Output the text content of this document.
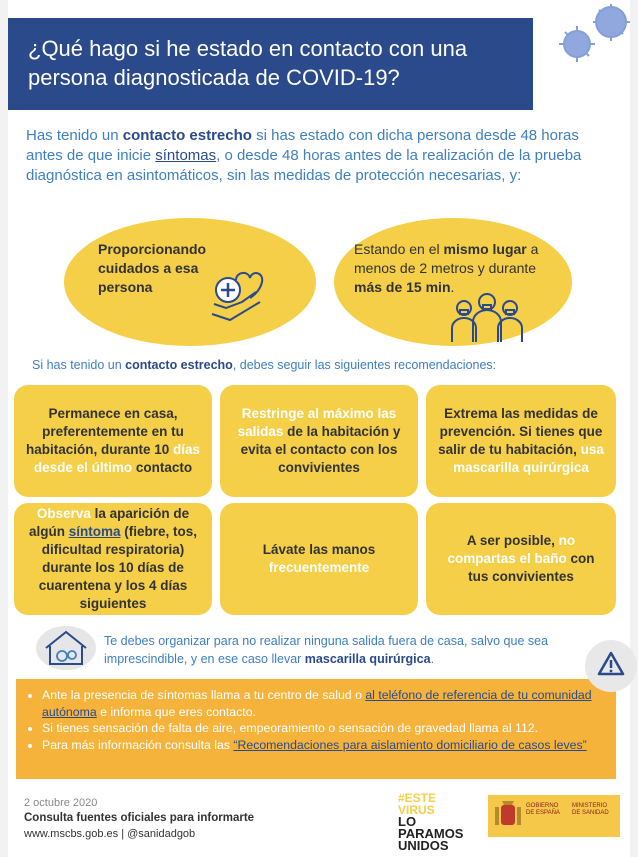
¿Qué hago si he estado en contacto con una persona diagnosticada de COVID-19?
Has tenido un contacto estrecho si has estado con dicha persona desde 48 horas antes de que inicie síntomas, o desde 48 horas antes de la realización de la prueba diagnóstica en asintomáticos, sin las medidas de protección necesarias, y:
Proporcionando cuidados a esa persona
Estando en el mismo lugar a menos de 2 metros y durante más de 15 min.
Si has tenido un contacto estrecho, debes seguir las siguientes recomendaciones:
Permanece en casa, preferentemente en tu habitación, durante 10 días desde el último contacto
Restringe al máximo las salidas de la habitación y evita el contacto con los convivientes
Extrema las medidas de prevención. Si tienes que salir de tu habitación, usa mascarilla quirúrgica
Observa la aparición de algún síntoma (fiebre, tos, dificultad respiratoria) durante los 10 días de cuarentena y los 4 días siguientes
Lávate las manos frecuentemente
A ser posible, no compartas el baño con tus convivientes
Te debes organizar para no realizar ninguna salida fuera de casa, salvo que sea imprescindible, y en ese caso llevar mascarilla quirúrgica.
• Ante la presencia de síntomas llama a tu centro de salud o al teléfono de referencia de tu comunidad autónoma e informa que eres contacto.
• Si tienes sensación de falta de aire, empeoramiento o sensación de gravedad llama al 112.
• Para más información consulta las “Recomendaciones para aislamiento domiciliario de casos leves”
2 octubre 2020
Consulta fuentes oficiales para informarte
www.mscbs.gob.es | @sanidadgob
#ESTE
VIRUS
LO
PARAMOS
UNIDOS
GOBIERNO DE ESPAÑA
MINISTERIO DE SANIDAD
